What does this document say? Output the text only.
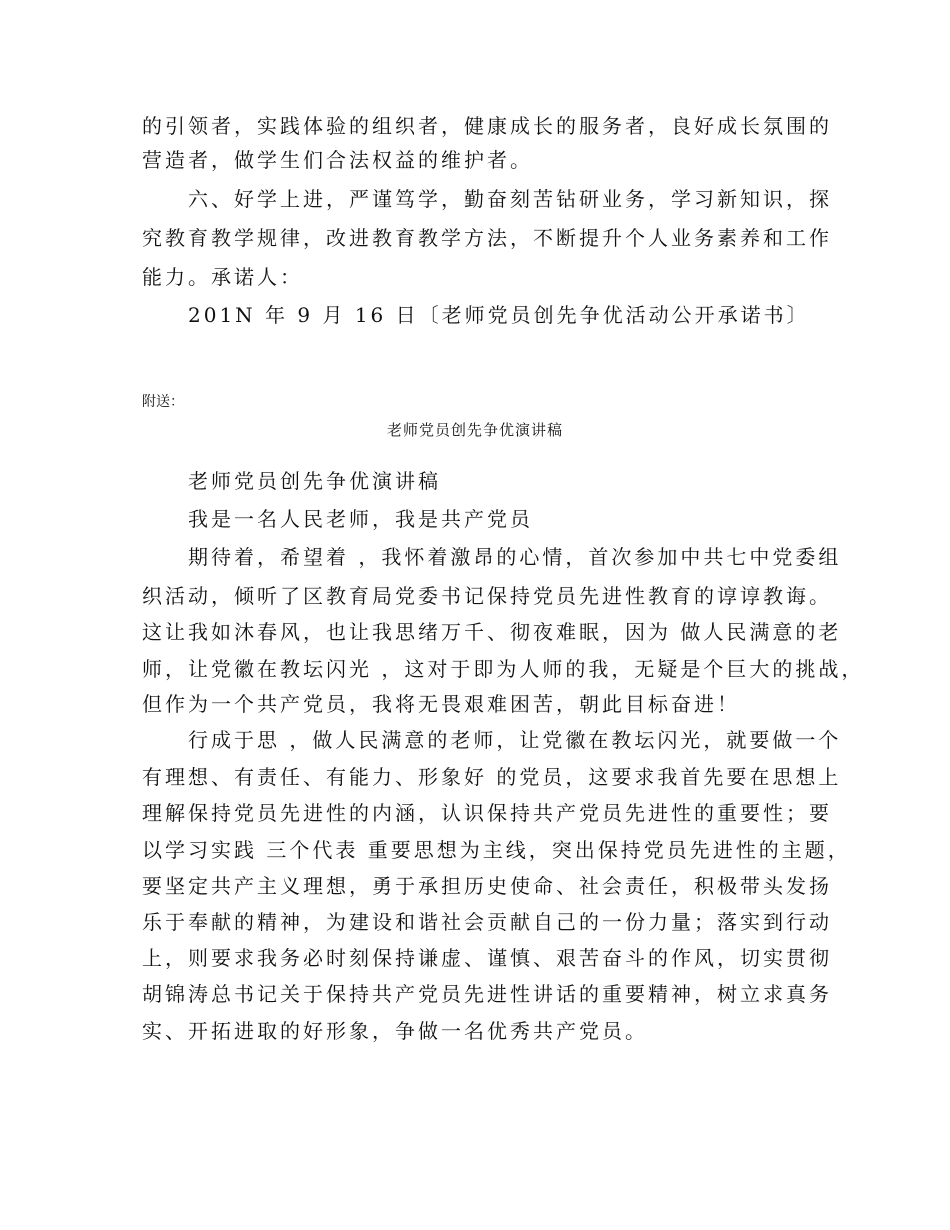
的引领者，实践体验的组织者，健康成长的服务者，良好成长氛围的
营造者，做学生们合法权益的维护者。
六、好学上进，严谨笃学，勤奋刻苦钻研业务，学习新知识，探
究教育教学规律，改进教育教学方法，不断提升个人业务素养和工作
能力。承诺人：
201N 年 9 月 16 日〔老师党员创先争优活动公开承诺书〕
附送：
老师党员创先争优演讲稿
老师党员创先争优演讲稿
我是一名人民老师，我是共产党员
期待着，希望着 ，我怀着激昂的心情，首次参加中共七中党委组
织活动，倾听了区教育局党委书记保持党员先进性教育的谆谆教诲。
这让我如沐春风，也让我思绪万千、彻夜难眠，因为 做人民满意的老
师，让党徽在教坛闪光 ，这对于即为人师的我，无疑是个巨大的挑战，
但作为一个共产党员，我将无畏艰难困苦，朝此目标奋进！
行成于思 ，做人民满意的老师，让党徽在教坛闪光，就要做一个
有理想、有责任、有能力、形象好 的党员，这要求我首先要在思想上
理解保持党员先进性的内涵，认识保持共产党员先进性的重要性；要
以学习实践 三个代表 重要思想为主线，突出保持党员先进性的主题，
要坚定共产主义理想，勇于承担历史使命、社会责任，积极带头发扬
乐于奉献的精神，为建设和谐社会贡献自己的一份力量；落实到行动
上，则要求我务必时刻保持谦虚、谨慎、艰苦奋斗的作风，切实贯彻
胡锦涛总书记关于保持共产党员先进性讲话的重要精神，树立求真务
实、开拓进取的好形象，争做一名优秀共产党员。
